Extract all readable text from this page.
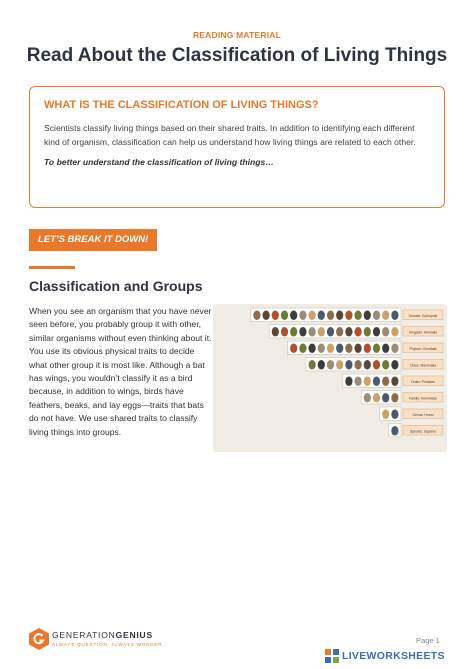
READING MATERIAL
Read About the Classification of Living Things
WHAT IS THE CLASSIFICATION OF LIVING THINGS?
Scientists classify living things based on their shared traits. In addition to identifying each different kind of organism, classification can help us understand how living things are related to each other.
To better understand the classification of living things…
LET’S BREAK IT DOWN!
Classification and Groups
When you see an organism that you have never seen before, you probably group it with other, similar organisms without even thinking about it. You use its obvious physical traits to decide what other group it is most like. Although a bat has wings, you wouldn’t classify it as a bird because, in addition to wings, birds have feathers, beaks, and lay eggs—traits that bats do not have. We use shared traits to classify living things into groups.
Domain: Eukaryote
Kingdom: Animalia
Phylum: Chordata
Class: Mammalia
Order: Primates
Family: Hominidae
Genus: Homo
Species: Sapiens
GENERATIONGENIUS
ALWAYS QUESTION. ALWAYS WONDER.	Page 1
LIVEWORKSHEETS
